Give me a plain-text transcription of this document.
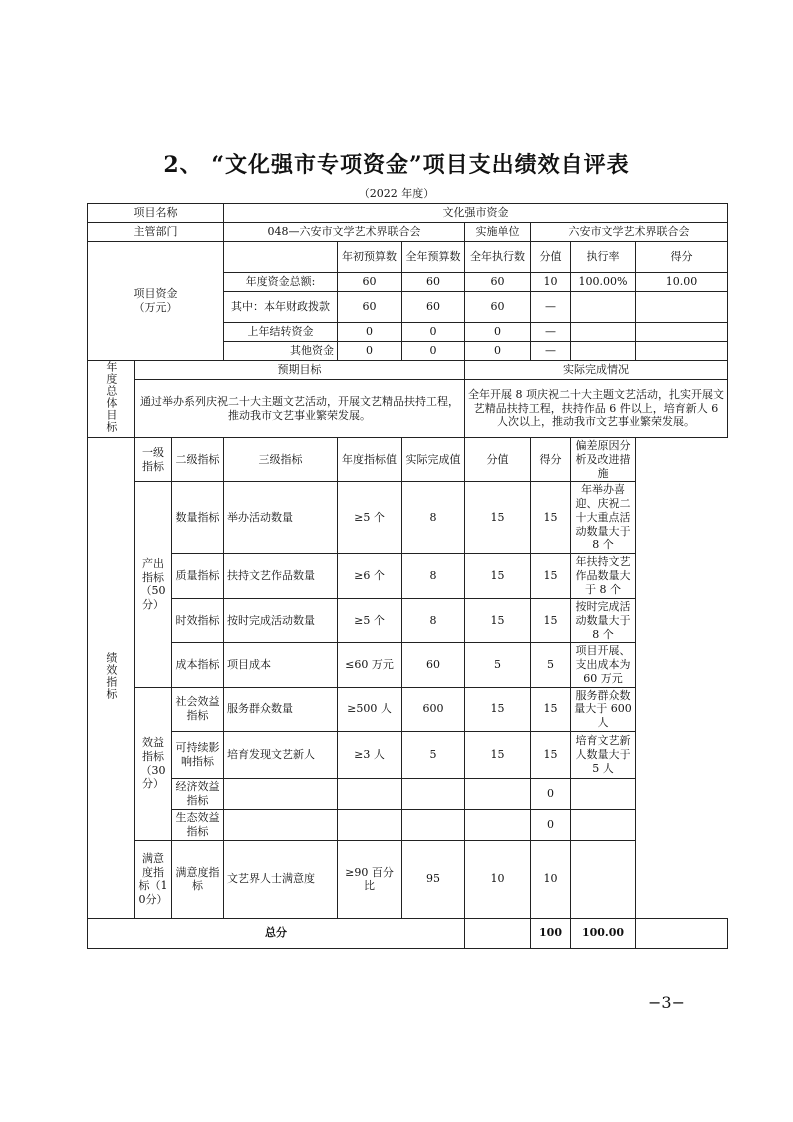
2、 “文化强市专项资金”项目支出绩效自评表
（2022 年度）
项目名称			文化强市资金						
主管部门			048—六安市文学艺术界联合会			实施单位	六安市文学艺术界联合会		
项目资金
（万元）				年初预算数	全年预算数	全年执行数	分值	执行率	得分
			年度资金总额:	60	60	60	10	100.00%	10.00
			其中：本年财政拨款	60	60	60	—		
			上年结转资金	0	0	0	—		
			其他资金	0	0	0	—		
年度总体目标	预期目标					实际完成情况			
	通过举办系列庆祝二十大主题文艺活动，开展文艺精品扶持工程，推动我市文艺事业繁荣发展。					全年开展 8 项庆祝二十大主题文艺活动，扎实开展文艺精品扶持工程，扶持作品 6 件以上，培育新人 6 人次以上，推动我市文艺事业繁荣发展。			
绩效指标	一级指标	二级指标	三级指标	年度指标值	实际完成值	分值	得分	偏差原因分析及改进措施	
	产出指标（50分）	数量指标	举办活动数量	≥5 个	8	15	15	年举办喜迎、庆祝二十大重点活动数量大于 8 个	
		质量指标	扶持文艺作品数量	≥6 个	8	15	15	年扶持文艺作品数量大于 8 个	
		时效指标	按时完成活动数量	≥5 个	8	15	15	按时完成活动数量大于 8 个	
		成本指标	项目成本	≤60 万元	60	5	5	项目开展、支出成本为 60 万元	
	效益指标（30分）	社会效益指标	服务群众数量	≥500 人	600	15	15	服务群众数量大于 600 人	
		可持续影响指标	培育发现文艺新人	≥3 人	5	15	15	培育文艺新人数量大于 5 人	
		经济效益指标					0		
		生态效益指标					0		
	满意度指标（10分）	满意度指标	文艺界人士满意度	≥90 百分比	95	10	10		
总分							100	100.00	
−3−
